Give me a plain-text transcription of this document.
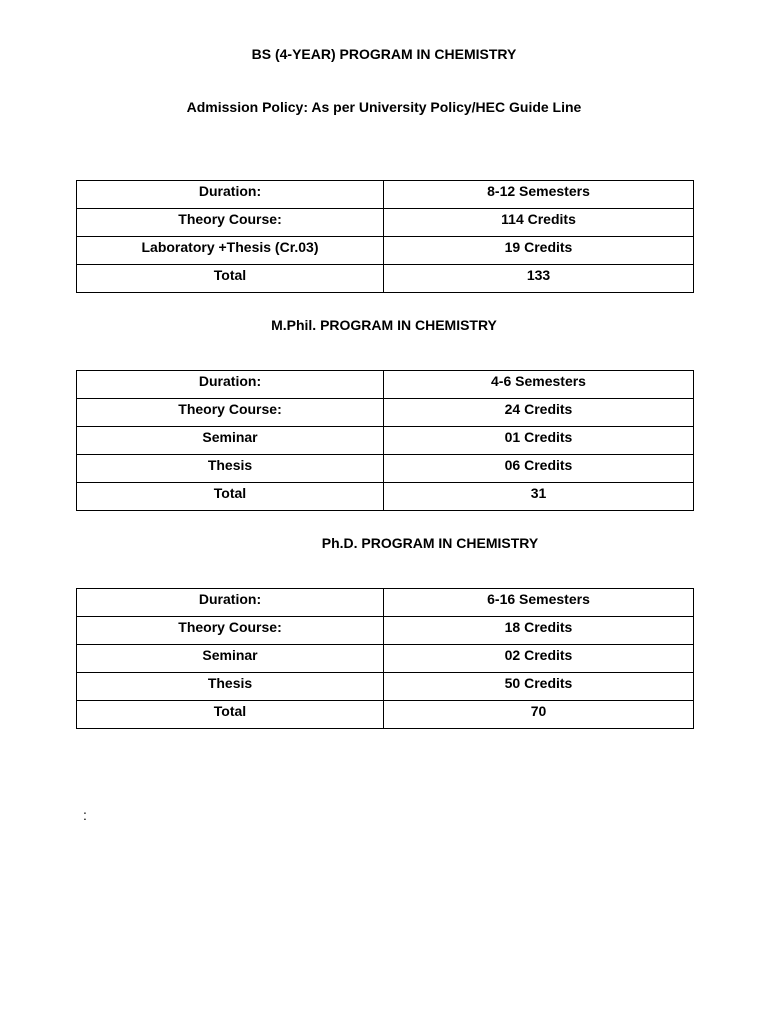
BS (4-YEAR) PROGRAM IN CHEMISTRY
Admission Policy: As per University Policy/HEC Guide Line
Duration:	8-12 Semesters
Theory Course:	114 Credits
Laboratory +Thesis (Cr.03)	19 Credits
Total	133
M.Phil. PROGRAM IN CHEMISTRY
Duration:	4-6 Semesters
Theory Course:	24 Credits
Seminar	01 Credits
Thesis	06 Credits
Total	31
Ph.D. PROGRAM IN CHEMISTRY
Duration:	6-16 Semesters
Theory Course:	18 Credits
Seminar	02 Credits
Thesis	50 Credits
Total	70
:
